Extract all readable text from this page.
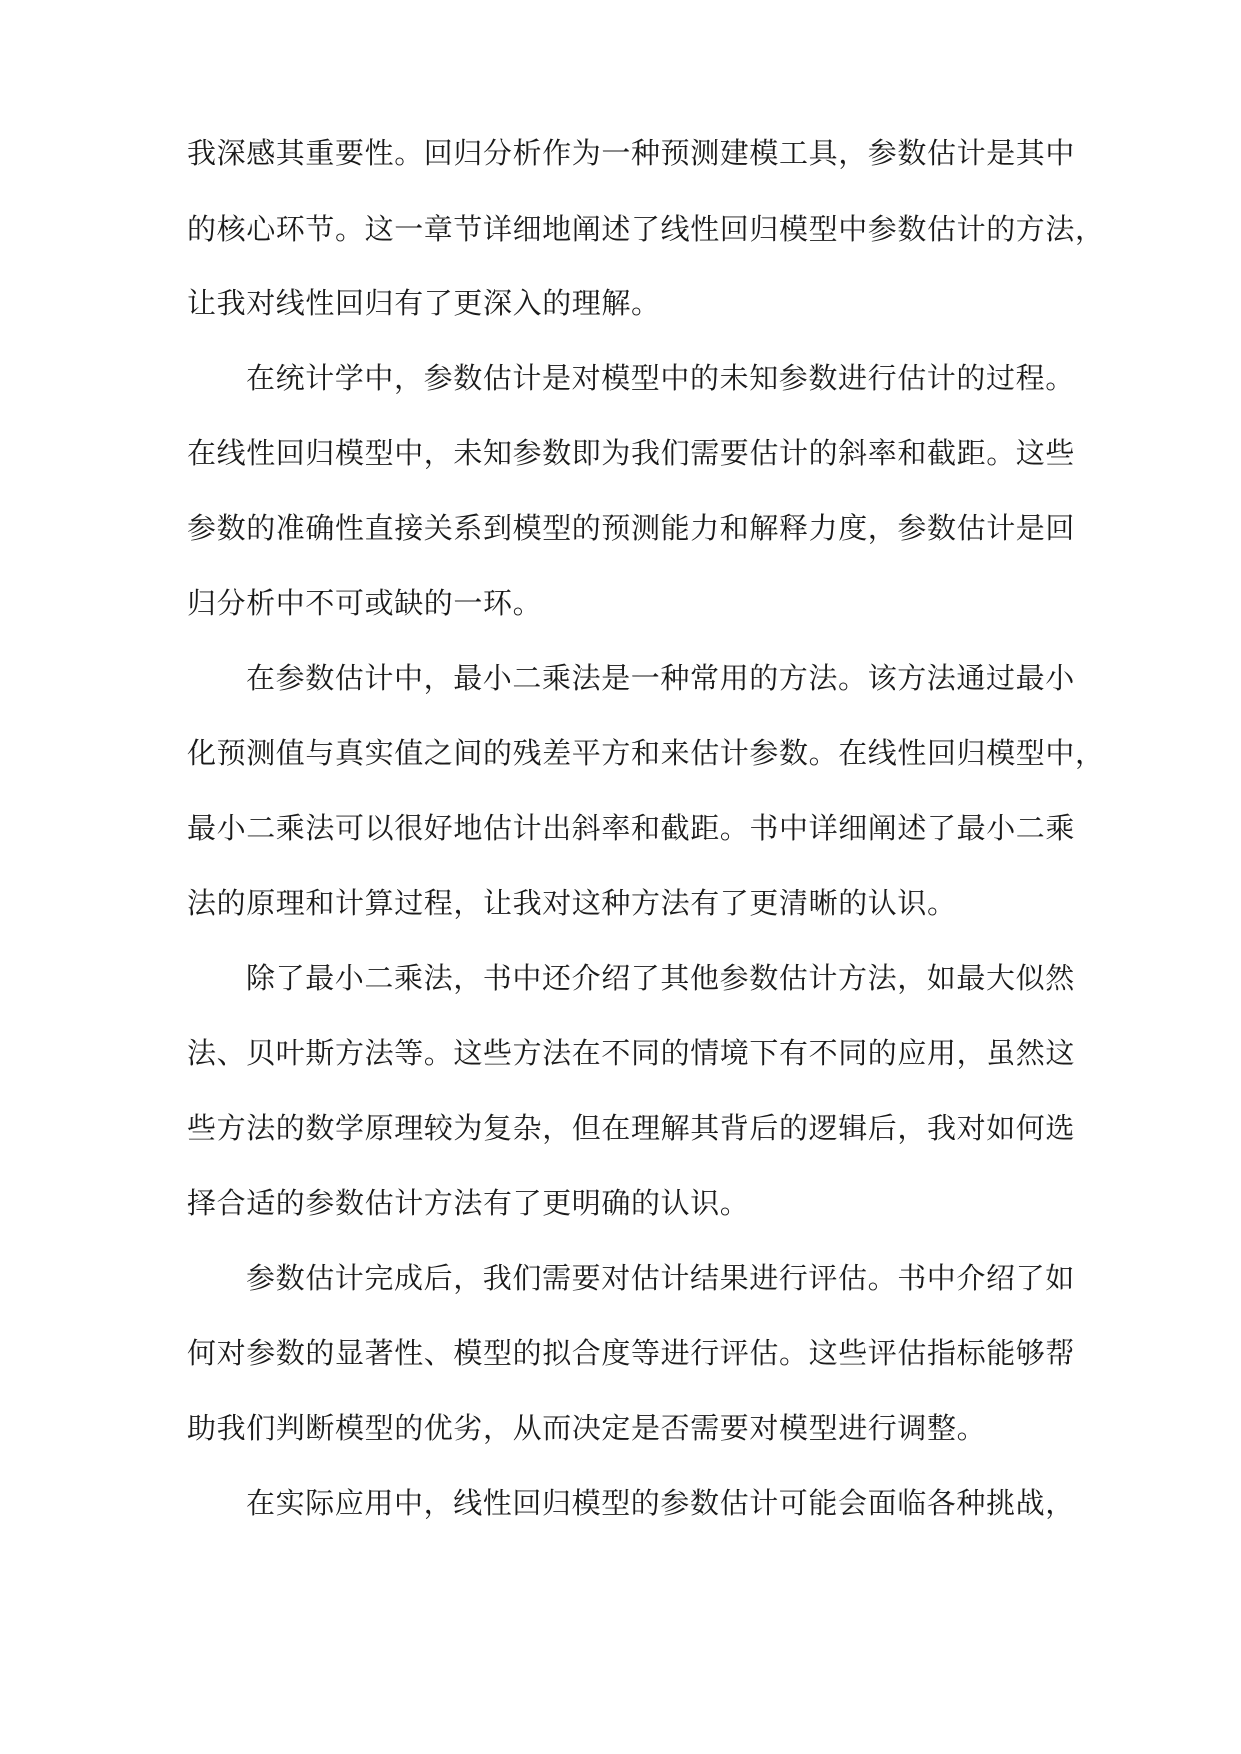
我深感其重要性。回归分析作为一种预测建模工具，参数估计是其中
的核心环节。这一章节详细地阐述了线性回归模型中参数估计的方法，
让我对线性回归有了更深入的理解。
在统计学中，参数估计是对模型中的未知参数进行估计的过程。
在线性回归模型中，未知参数即为我们需要估计的斜率和截距。这些
参数的准确性直接关系到模型的预测能力和解释力度，参数估计是回
归分析中不可或缺的一环。
在参数估计中，最小二乘法是一种常用的方法。该方法通过最小
化预测值与真实值之间的残差平方和来估计参数。在线性回归模型中，
最小二乘法可以很好地估计出斜率和截距。书中详细阐述了最小二乘
法的原理和计算过程，让我对这种方法有了更清晰的认识。
除了最小二乘法，书中还介绍了其他参数估计方法，如最大似然
法、贝叶斯方法等。这些方法在不同的情境下有不同的应用，虽然这
些方法的数学原理较为复杂，但在理解其背后的逻辑后，我对如何选
择合适的参数估计方法有了更明确的认识。
参数估计完成后，我们需要对估计结果进行评估。书中介绍了如
何对参数的显著性、模型的拟合度等进行评估。这些评估指标能够帮
助我们判断模型的优劣，从而决定是否需要对模型进行调整。
在实际应用中，线性回归模型的参数估计可能会面临各种挑战，
